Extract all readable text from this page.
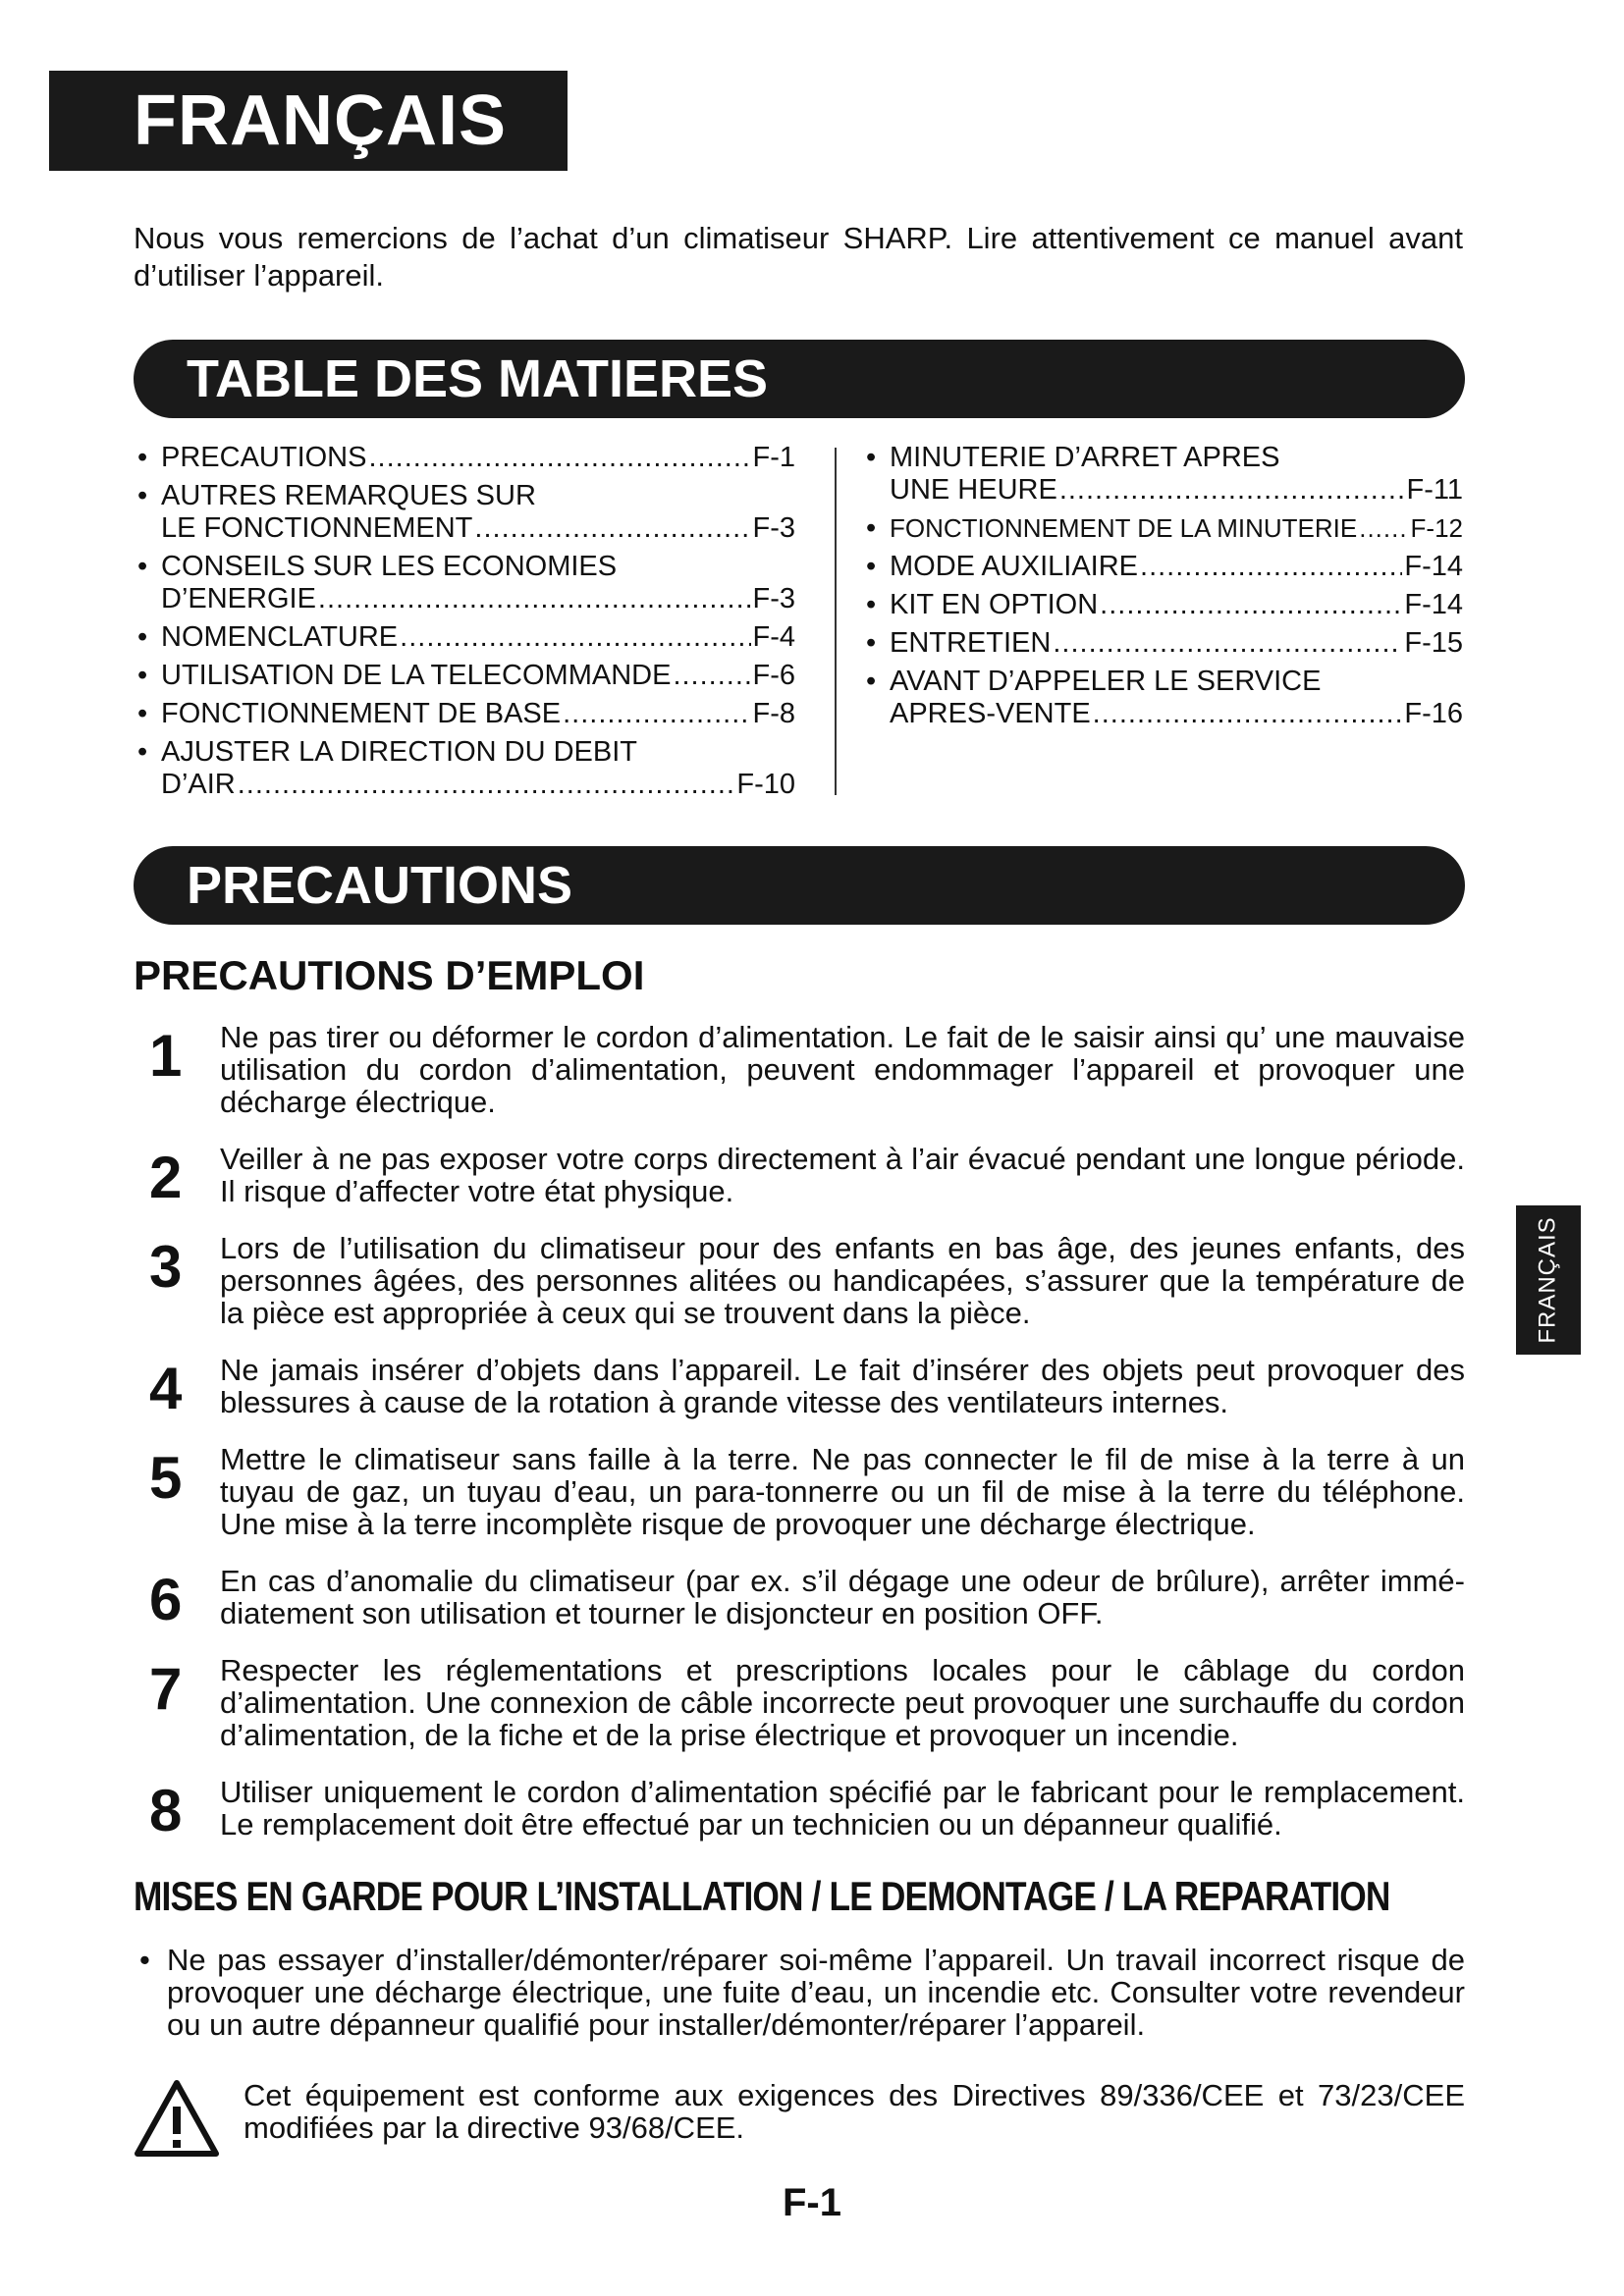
FRANÇAIS
Nous vous remercions de l’achat d’un climatiseur SHARP. Lire attentivement ce manuel avant d’utiliser l’appareil.
TABLE DES MATIERES
• PRECAUTIONS .....	F-1
• AUTRES REMARQUES SUR
LE FONCTIONNEMENT .....	F-3
• CONSEILS SUR LES ECONOMIES
D’ENERGIE .....	F-3
• NOMENCLATURE .....	F-4
• UTILISATION DE LA TELECOMMANDE .....	F-6
• FONCTIONNEMENT DE BASE .....	F-8
• AJUSTER LA DIRECTION DU DEBIT
D’AIR .....	F-10
• MINUTERIE D’ARRET APRES
UNE HEURE .....	F-11
• FONCTIONNEMENT DE LA MINUTERIE ..... F-12
• MODE AUXILIAIRE .....	F-14
• KIT EN OPTION .....	F-14
• ENTRETIEN .....	F-15
• AVANT D’APPELER LE SERVICE
APRES-VENTE .....	F-16
PRECAUTIONS
PRECAUTIONS D’EMPLOI
1 Ne pas tirer ou déformer le cordon d’alimentation. Le fait de le saisir ainsi qu’ une mauvaise utilisation du cordon d’alimentation, peuvent endommager l’appareil et provoquer une décharge électrique.
2 Veiller à ne pas exposer votre corps directement à l’air évacué pendant une longue période. Il risque d’affecter votre état physique.
3 Lors de l’utilisation du climatiseur pour des enfants en bas âge, des jeunes enfants, des personnes âgées, des personnes alitées ou handicapées, s’assurer que la température de la pièce est appropriée à ceux qui se trouvent dans la pièce.
4 Ne jamais insérer d’objets dans l’appareil. Le fait d’insérer des objets peut provoquer des blessures à cause de la rotation à grande vitesse des ventilateurs internes.
5 Mettre le climatiseur sans faille à la terre. Ne pas connecter le fil de mise à la terre à un tuyau de gaz, un tuyau d’eau, un para-tonnerre ou un fil de mise à la terre du téléphone. Une mise à la terre incomplète risque de provoquer une décharge électrique.
6 En cas d’anomalie du climatiseur (par ex. s’il dégage une odeur de brûlure), arrêter immé-diatement son utilisation et tourner le disjoncteur en position OFF.
7 Respecter les réglementations et prescriptions locales pour le câblage du cordon d’alimentation. Une connexion de câble incorrecte peut provoquer une surchauffe du cordon d’alimentation, de la fiche et de la prise électrique et provoquer un incendie.
8 Utiliser uniquement le cordon d’alimentation spécifié par le fabricant pour le remplacement. Le remplacement doit être effectué par un technicien ou un dépanneur qualifié.
MISES EN GARDE POUR L’INSTALLATION / LE DEMONTAGE / LA REPARATION
• Ne pas essayer d’installer/démonter/réparer soi-même l’appareil. Un travail incorrect risque de provoquer une décharge électrique, une fuite d’eau, un incendie etc. Consulter votre revendeur ou un autre dépanneur qualifié pour installer/démonter/réparer l’appareil.
Cet équipement est conforme aux exigences des Directives 89/336/CEE et 73/23/CEE modifiées par la directive 93/68/CEE.
F-1
FRANÇAIS
